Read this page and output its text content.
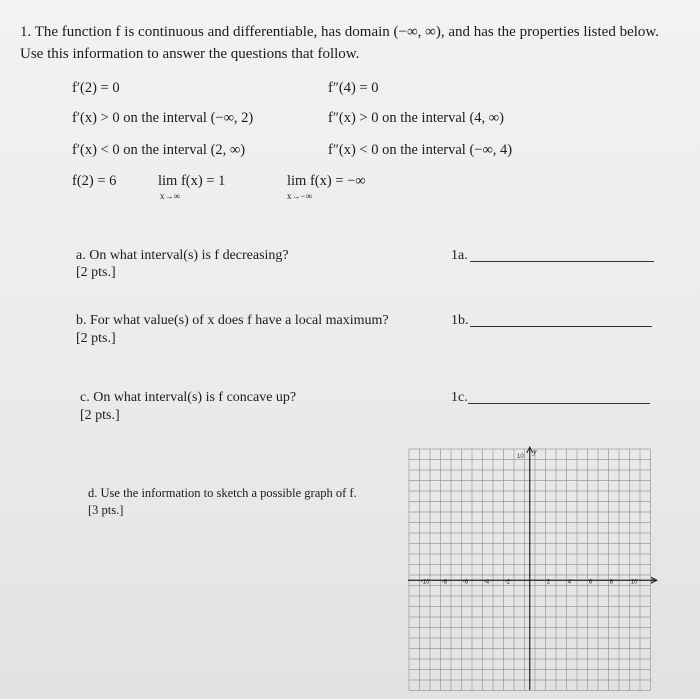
1. The function f is continuous and differentiable, has domain (−∞, ∞), and has the properties listed below.
Use this information to answer the questions that follow.
f′(2) = 0	f″(4) = 0
f′(x) > 0 on the interval (−∞, 2)	f″(x) > 0 on the interval (4, ∞)
f′(x) < 0 on the interval (2, ∞)	f″(x) < 0 on the interval (−∞, 4)
f(2) = 6	lim f(x) = 1
x→∞
lim f(x) = −∞
x→−∞
a. On what interval(s) is f decreasing?
[2 pts.]
1a.
b. For what value(s) of x does f have a local maximum?
[2 pts.]
1b.
c. On what interval(s) is f concave up?
[2 pts.]
1c.
d. Use the information to sketch a possible graph of f.
[3 pts.]
-10 -8	-6	-4	-2	2	4	6	8	10
y
10
x
